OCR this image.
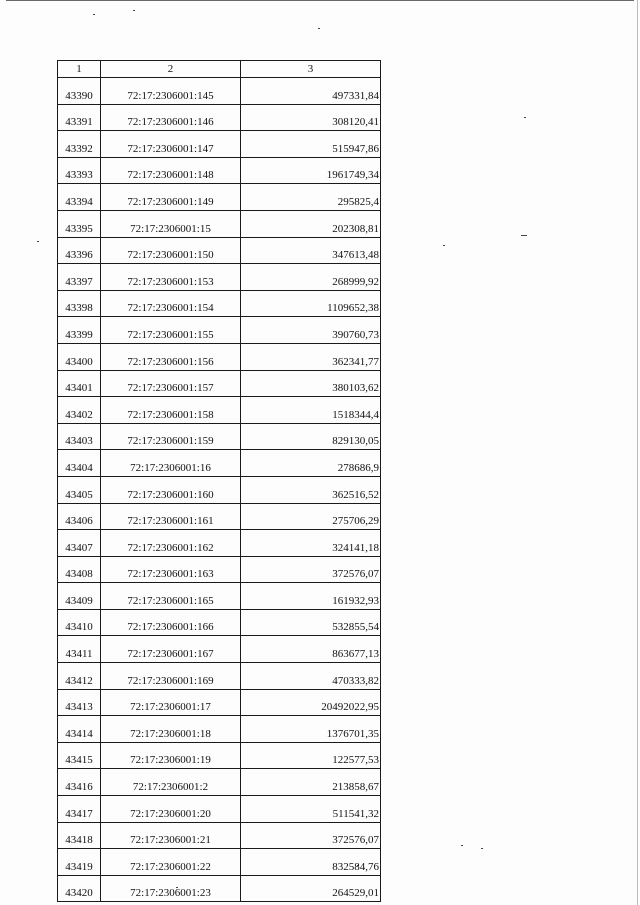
1	2	3
43390	72:17:2306001:145	497331,84
43391	72:17:2306001:146	308120,41
43392	72:17:2306001:147	515947,86
43393	72:17:2306001:148	1961749,34
43394	72:17:2306001:149	295825,4
43395	72:17:2306001:15	202308,81
43396	72:17:2306001:150	347613,48
43397	72:17:2306001:153	268999,92
43398	72:17:2306001:154	1109652,38
43399	72:17:2306001:155	390760,73
43400	72:17:2306001:156	362341,77
43401	72:17:2306001:157	380103,62
43402	72:17:2306001:158	1518344,4
43403	72:17:2306001:159	829130,05
43404	72:17:2306001:16	278686,9
43405	72:17:2306001:160	362516,52
43406	72:17:2306001:161	275706,29
43407	72:17:2306001:162	324141,18
43408	72:17:2306001:163	372576,07
43409	72:17:2306001:165	161932,93
43410	72:17:2306001:166	532855,54
43411	72:17:2306001:167	863677,13
43412	72:17:2306001:169	470333,82
43413	72:17:2306001:17	20492022,95
43414	72:17:2306001:18	1376701,35
43415	72:17:2306001:19	122577,53
43416	72:17:2306001:2	213858,67
43417	72:17:2306001:20	511541,32
43418	72:17:2306001:21	372576,07
43419	72:17:2306001:22	832584,76
43420	72:17:2306001:23	264529,01
